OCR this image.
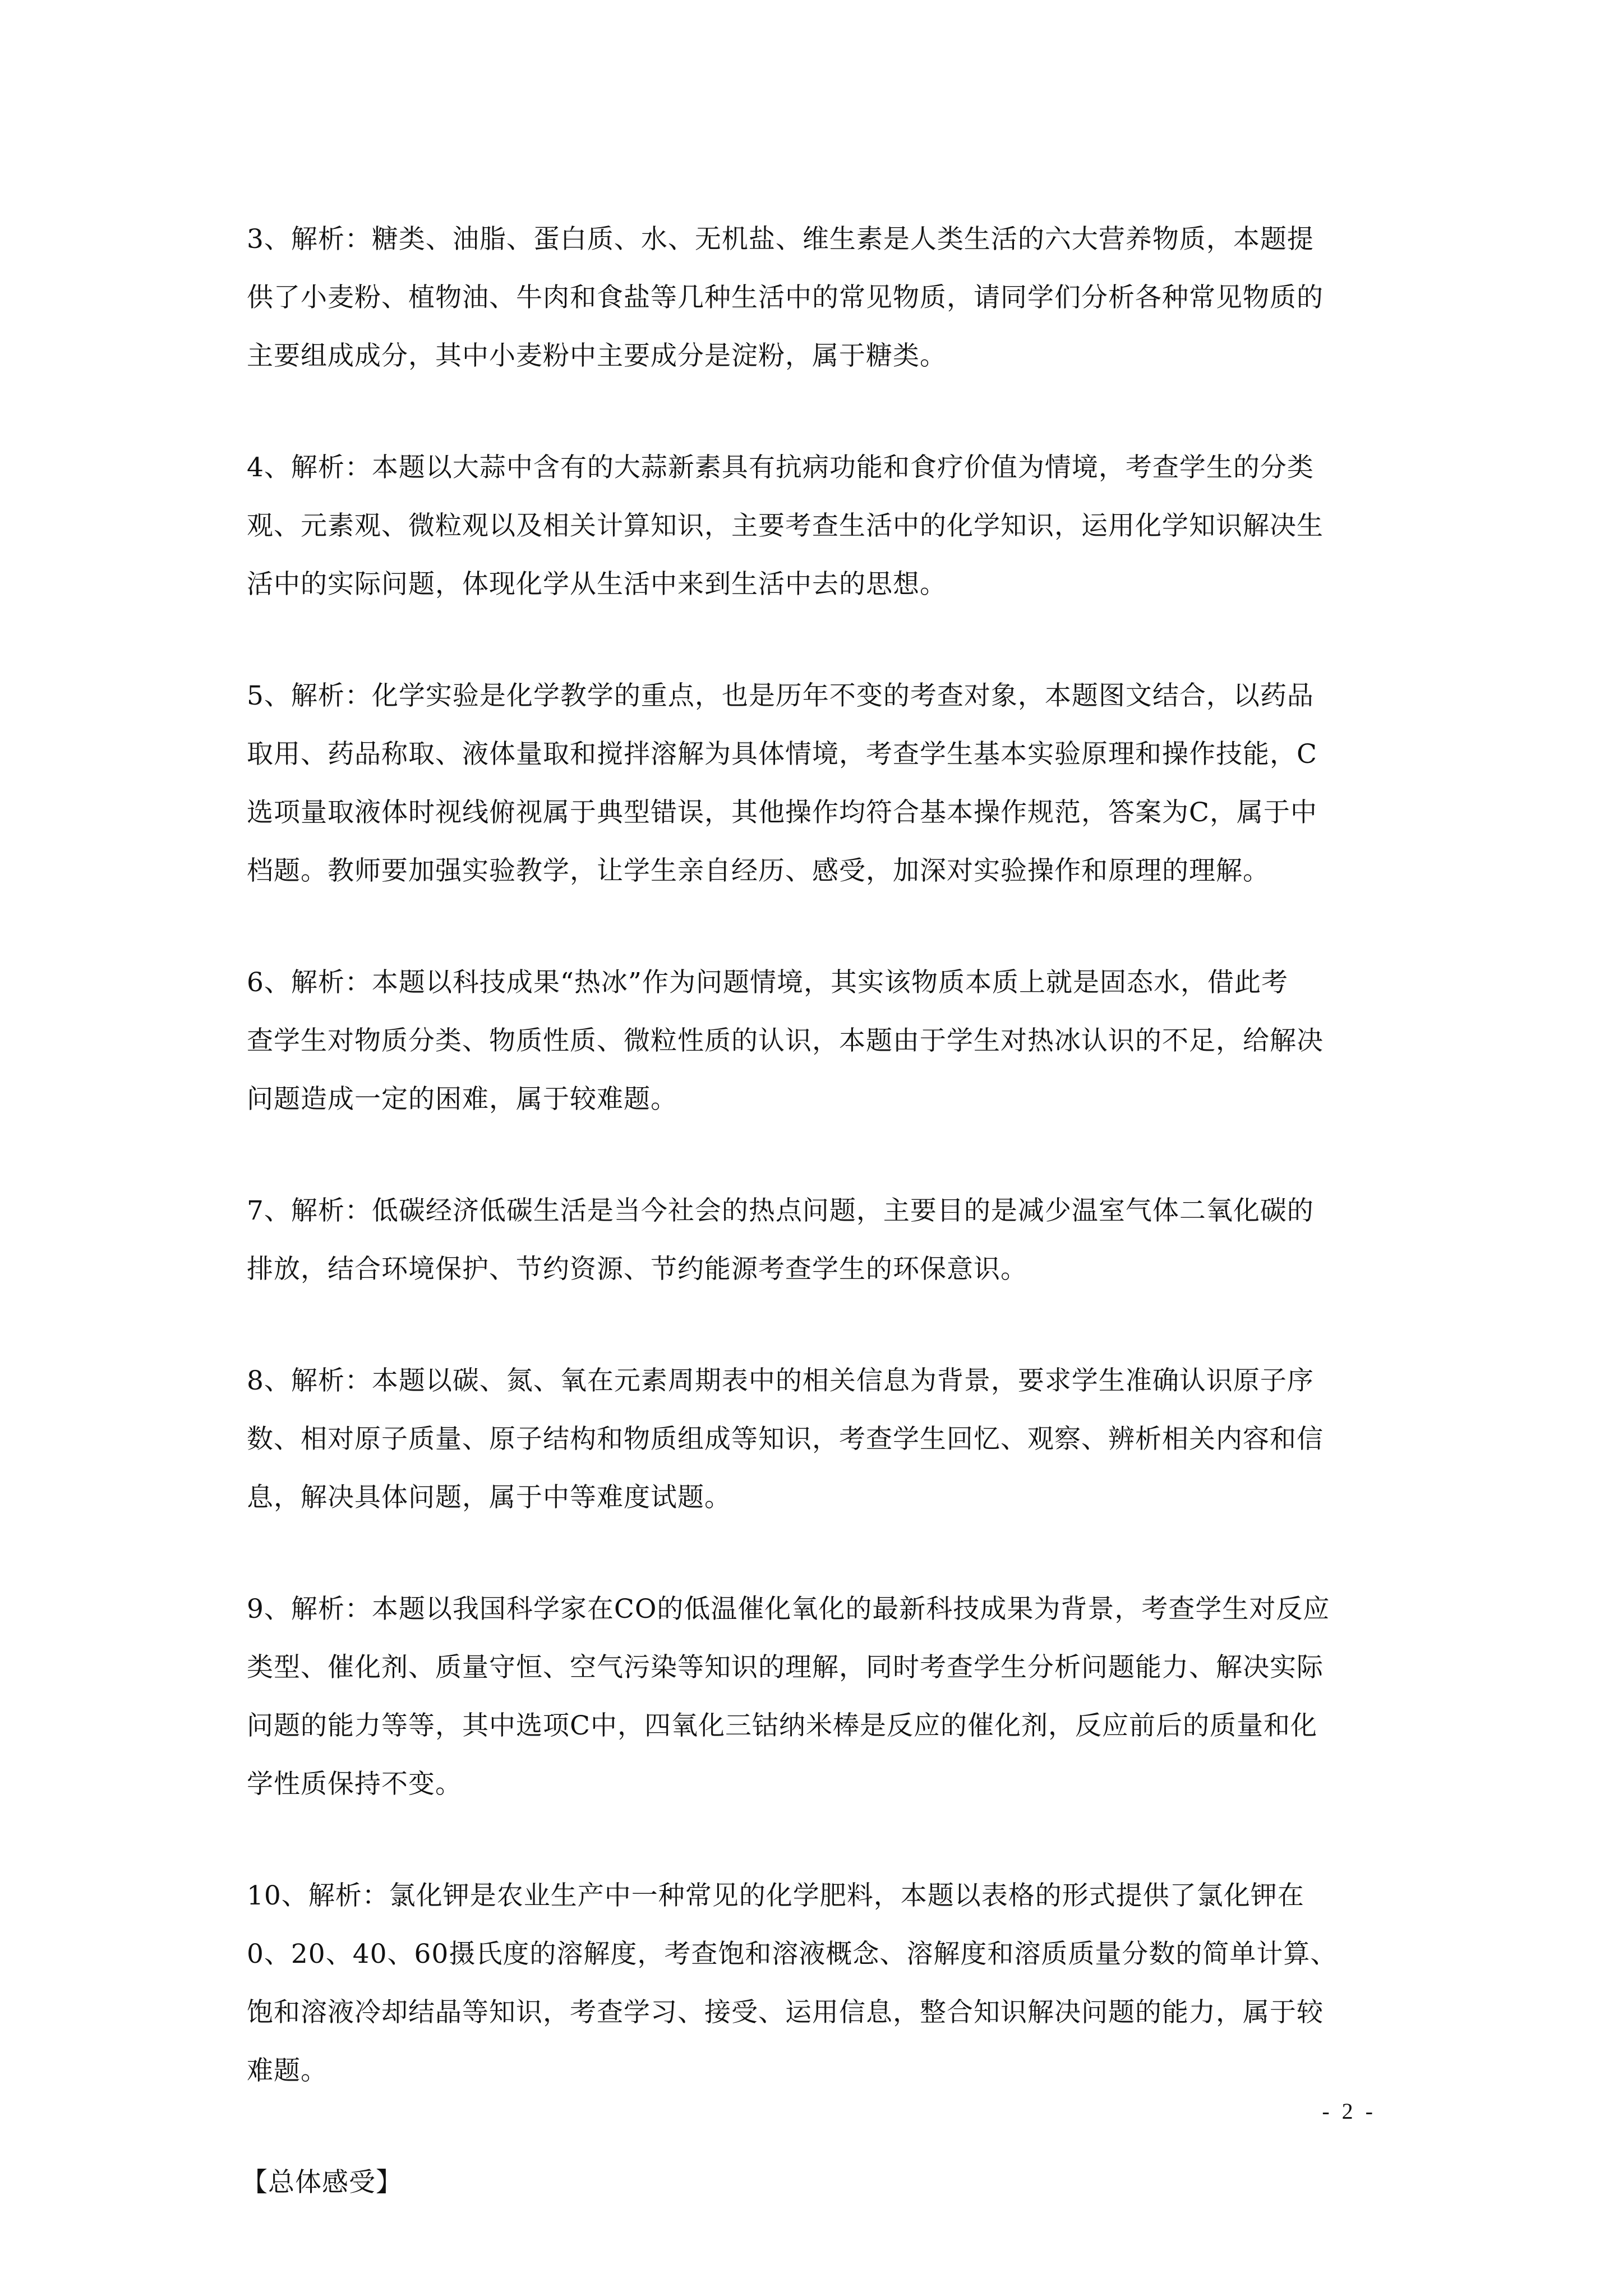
3、解析：糖类、油脂、蛋白质、水、无机盐、维生素是人类生活的六大营养物质，本题提
供了小麦粉、植物油、牛肉和食盐等几种生活中的常见物质，请同学们分析各种常见物质的
主要组成成分，其中小麦粉中主要成分是淀粉，属于糖类。
4、解析：本题以大蒜中含有的大蒜新素具有抗病功能和食疗价值为情境，考查学生的分类
观、元素观、微粒观以及相关计算知识，主要考查生活中的化学知识，运用化学知识解决生
活中的实际问题，体现化学从生活中来到生活中去的思想。
5、解析：化学实验是化学教学的重点，也是历年不变的考查对象，本题图文结合，以药品
取用、药品称取、液体量取和搅拌溶解为具体情境，考查学生基本实验原理和操作技能，C
选项量取液体时视线俯视属于典型错误，其他操作均符合基本操作规范，答案为C，属于中
档题。教师要加强实验教学，让学生亲自经历、感受，加深对实验操作和原理的理解。
6、解析：本题以科技成果“热冰”作为问题情境，其实该物质本质上就是固态水，借此考
查学生对物质分类、物质性质、微粒性质的认识，本题由于学生对热冰认识的不足，给解决
问题造成一定的困难，属于较难题。
7、解析：低碳经济低碳生活是当今社会的热点问题，主要目的是减少温室气体二氧化碳的
排放，结合环境保护、节约资源、节约能源考查学生的环保意识。
8、解析：本题以碳、氮、氧在元素周期表中的相关信息为背景，要求学生准确认识原子序
数、相对原子质量、原子结构和物质组成等知识，考查学生回忆、观察、辨析相关内容和信
息，解决具体问题，属于中等难度试题。
9、解析：本题以我国科学家在CO的低温催化氧化的最新科技成果为背景，考查学生对反应
类型、催化剂、质量守恒、空气污染等知识的理解，同时考查学生分析问题能力、解决实际
问题的能力等等，其中选项C中，四氧化三钴纳米棒是反应的催化剂，反应前后的质量和化
学性质保持不变。
10、解析：氯化钾是农业生产中一种常见的化学肥料，本题以表格的形式提供了氯化钾在
0、20、40、60摄氏度的溶解度，考查饱和溶液概念、溶解度和溶质质量分数的简单计算、
饱和溶液冷却结晶等知识，考查学习、接受、运用信息，整合知识解决问题的能力，属于较
难题。
【总体感受】
- 2 -
